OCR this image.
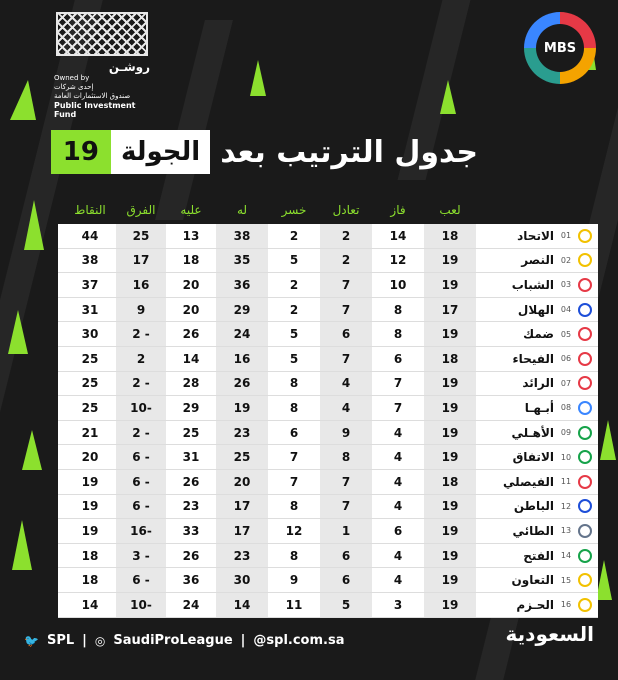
روشـن
Owned by
إحدى شركات
صندوق الاستثمارات العامة
Public Investment Fund
MBS
19 الجولة جدول الترتيب بعد
لعب
فاز
تعادل
خسر
له
عليه
الفرق
النقاط
01
الاتحاد
18
14
2
2
38
13
25
44
02
النصر
19
12
2
5
35
18
17
38
03
الشباب
19
10
7
2
36
20
16
37
04
الهلال
17
8
7
2
29
20
9
31
05
ضمك
19
8
6
5
24
26
2 -
30
06
الفيحاء
18
6
7
5
16
14
2
25
07
الرائد
19
7
4
8
26
28
2 -
25
08
أبـهـا
19
7
4
8
19
29
10-
25
09
الأهـلي
19
4
9
6
23
25
2 -
21
10
الاتفاق
19
4
8
7
25
31
6 -
20
11
الفيصلي
18
4
7
7
20
26
6 -
19
12
الباطن
19
4
7
8
17
23
6 -
19
13
الطائي
19
6
1
12
17
33
16-
19
14
الفتح
19
4
6
8
23
26
3 -
18
15
التعاون
19
4
6
9
30
36
6 -
18
16
الحـزم
19
3
5
11
14
24
10-
14
🐦 SPL | ◎ SaudiProLeague | @spl.com.sa	السعودية
